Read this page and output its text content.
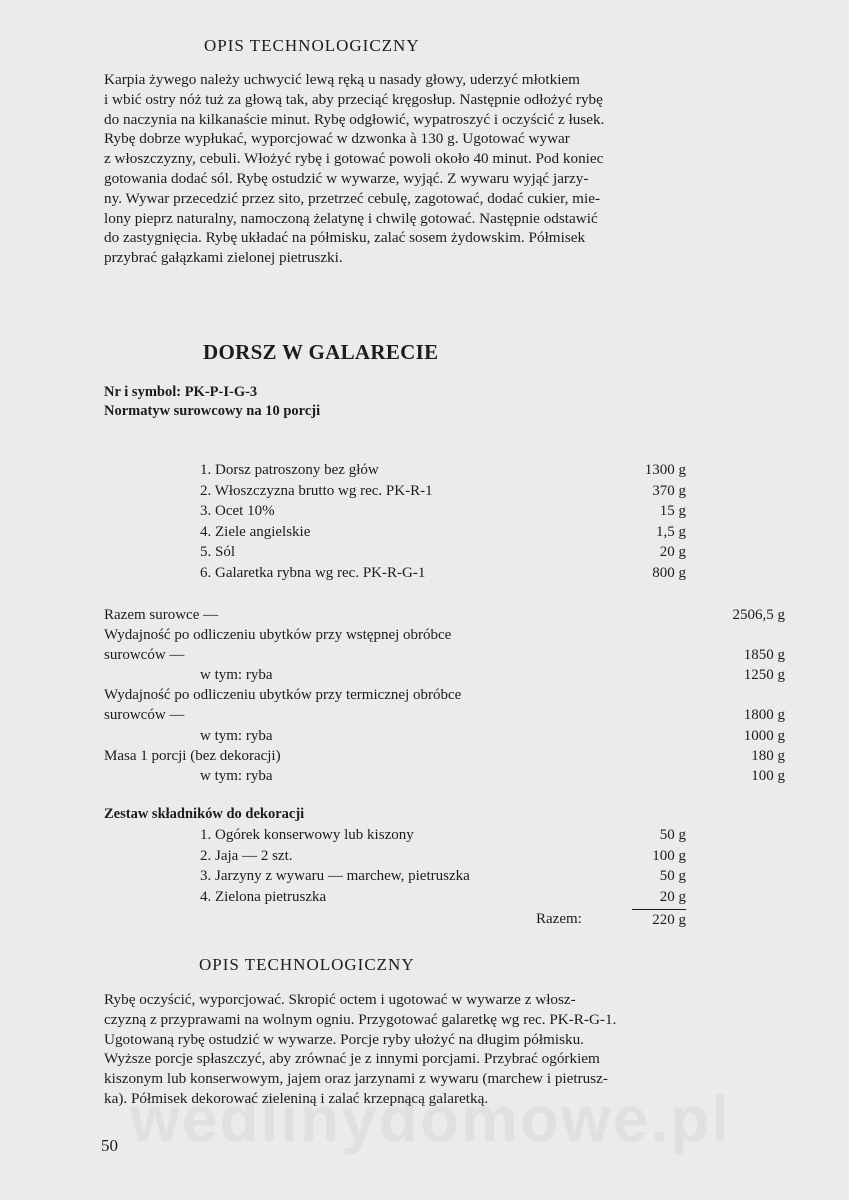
OPIS TECHNOLOGICZNY
Karpia żywego należy uchwycić lewą ręką u nasady głowy, uderzyć młotkiem
i wbić ostry nóż tuż za głową tak, aby przeciąć kręgosłup. Następnie odłożyć rybę
do naczynia na kilkanaście minut. Rybę odgłowić, wypatroszyć i oczyścić z łusek.
Rybę dobrze wypłukać, wyporcjować w dzwonka à 130 g. Ugotować wywar
z włoszczyzny, cebuli. Włożyć rybę i gotować powoli około 40 minut. Pod koniec
gotowania dodać sól. Rybę ostudzić w wywarze, wyjąć. Z wywaru wyjąć jarzy-
ny. Wywar przecedzić przez sito, przetrzeć cebulę, zagotować, dodać cukier, mie-
lony pieprz naturalny, namoczoną żelatynę i chwilę gotować. Następnie odstawić
do zastygnięcia. Rybę układać na półmisku, zalać sosem żydowskim. Półmisek
przybrać gałązkami zielonej pietruszki.
DORSZ W GALARECIE
Nr i symbol: PK-P-I-G-3
Normatyw surowcowy na 10 porcji
1. Dorsz patroszony bez głów	1300 g
2. Włoszczyzna brutto wg rec. PK-R-1	370 g
3. Ocet 10%	15 g
4. Ziele angielskie	1,5 g
5. Sól	20 g
6. Galaretka rybna wg rec. PK-R-G-1	800 g
Razem surowce —	2506,5 g
Wydajność po odliczeniu ubytków przy wstępnej obróbce
surowców —	1850 g
w tym: ryba	1250 g
Wydajność po odliczeniu ubytków przy termicznej obróbce
surowców —	1800 g
w tym: ryba	1000 g
Masa 1 porcji (bez dekoracji)	180 g
w tym: ryba	100 g
Zestaw składników do dekoracji
1. Ogórek konserwowy lub kiszony	50 g
2. Jaja — 2 szt.	100 g
3. Jarzyny z wywaru — marchew, pietruszka	50 g
4. Zielona pietruszka	20 g
Razem:	220 g
OPIS TECHNOLOGICZNY
Rybę oczyścić, wyporcjować. Skropić octem i ugotować w wywarze z włosz-
czyzną z przyprawami na wolnym ogniu. Przygotować galaretkę wg rec. PK-R-G-1.
Ugotowaną rybę ostudzić w wywarze. Porcje ryby ułożyć na długim półmisku.
Wyższe porcje spłaszczyć, aby zrównać je z innymi porcjami. Przybrać ogórkiem
kiszonym lub konserwowym, jajem oraz jarzynami z wywaru (marchew i pietrusz-
ka). Półmisek dekorować zieleniną i zalać krzepnącą galaretką.
50
